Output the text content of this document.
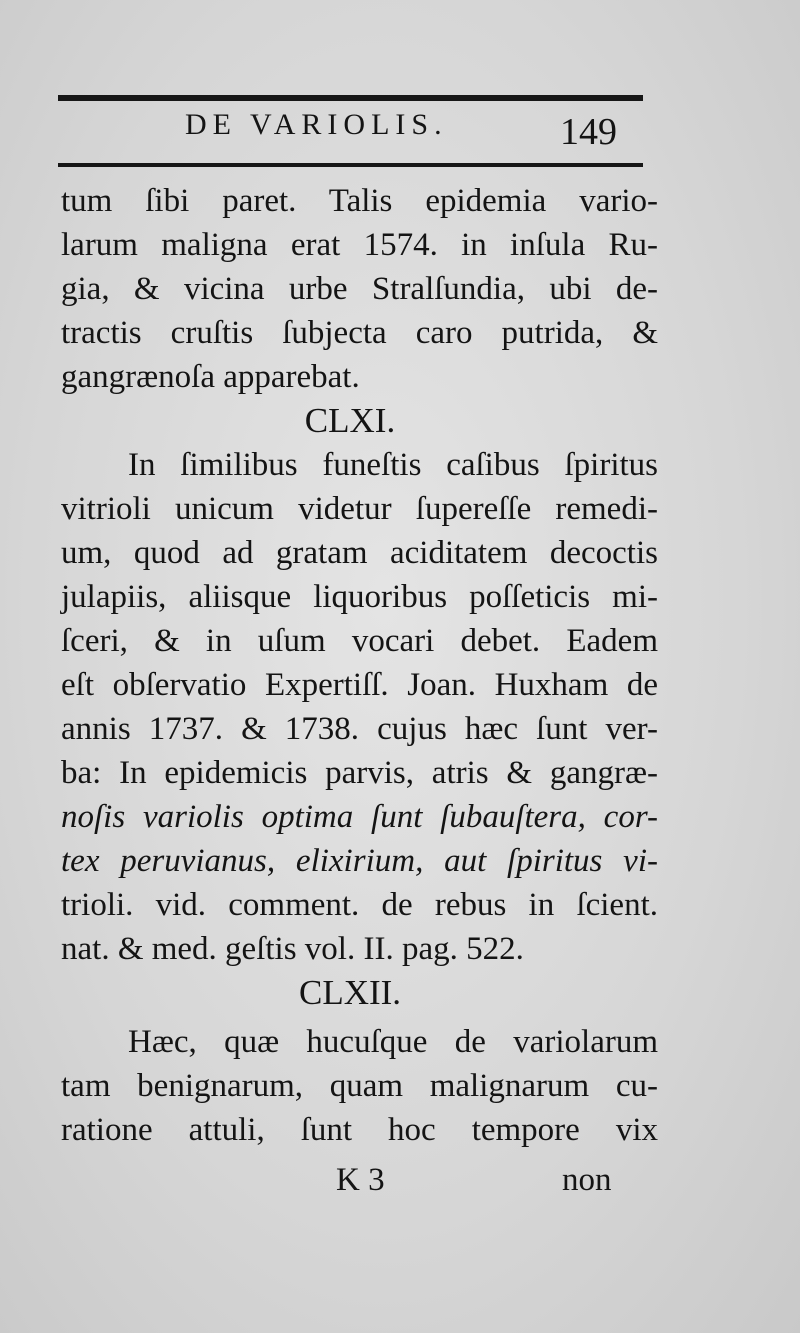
DE VARIOLIS.	149

tum ſibi paret. Talis epidemia vario-

larum maligna erat 1574. in inſula Ru-

gia, & vicina urbe Stralſundia, ubi de-

tractis cruſtis ſubjecta caro putrida, &

gangrænoſa apparebat.

CLXI.

In ſimilibus funeſtis caſibus ſpiritus

vitrioli unicum videtur ſupereſſe remedi-

um, quod ad gratam aciditatem decoctis

julapiis, aliisque liquoribus poſſeticis mi-

ſceri, & in uſum vocari debet. Eadem

eſt obſervatio Expertiſſ. Joan. Huxham de

annis 1737. & 1738. cujus hæc ſunt ver-

ba: In epidemicis parvis, atris & gangræ-

noſis variolis optima ſunt ſubauſtera, cor-

tex peruvianus, elixirium, aut ſpiritus vi-

trioli. vid. comment. de rebus in ſcient.

nat. & med. geſtis vol. II. pag. 522.

CLXII.

Hæc, quæ hucuſque de variolarum

tam benignarum, quam malignarum cu-

ratione attuli, ſunt hoc tempore vix

K 3	non
